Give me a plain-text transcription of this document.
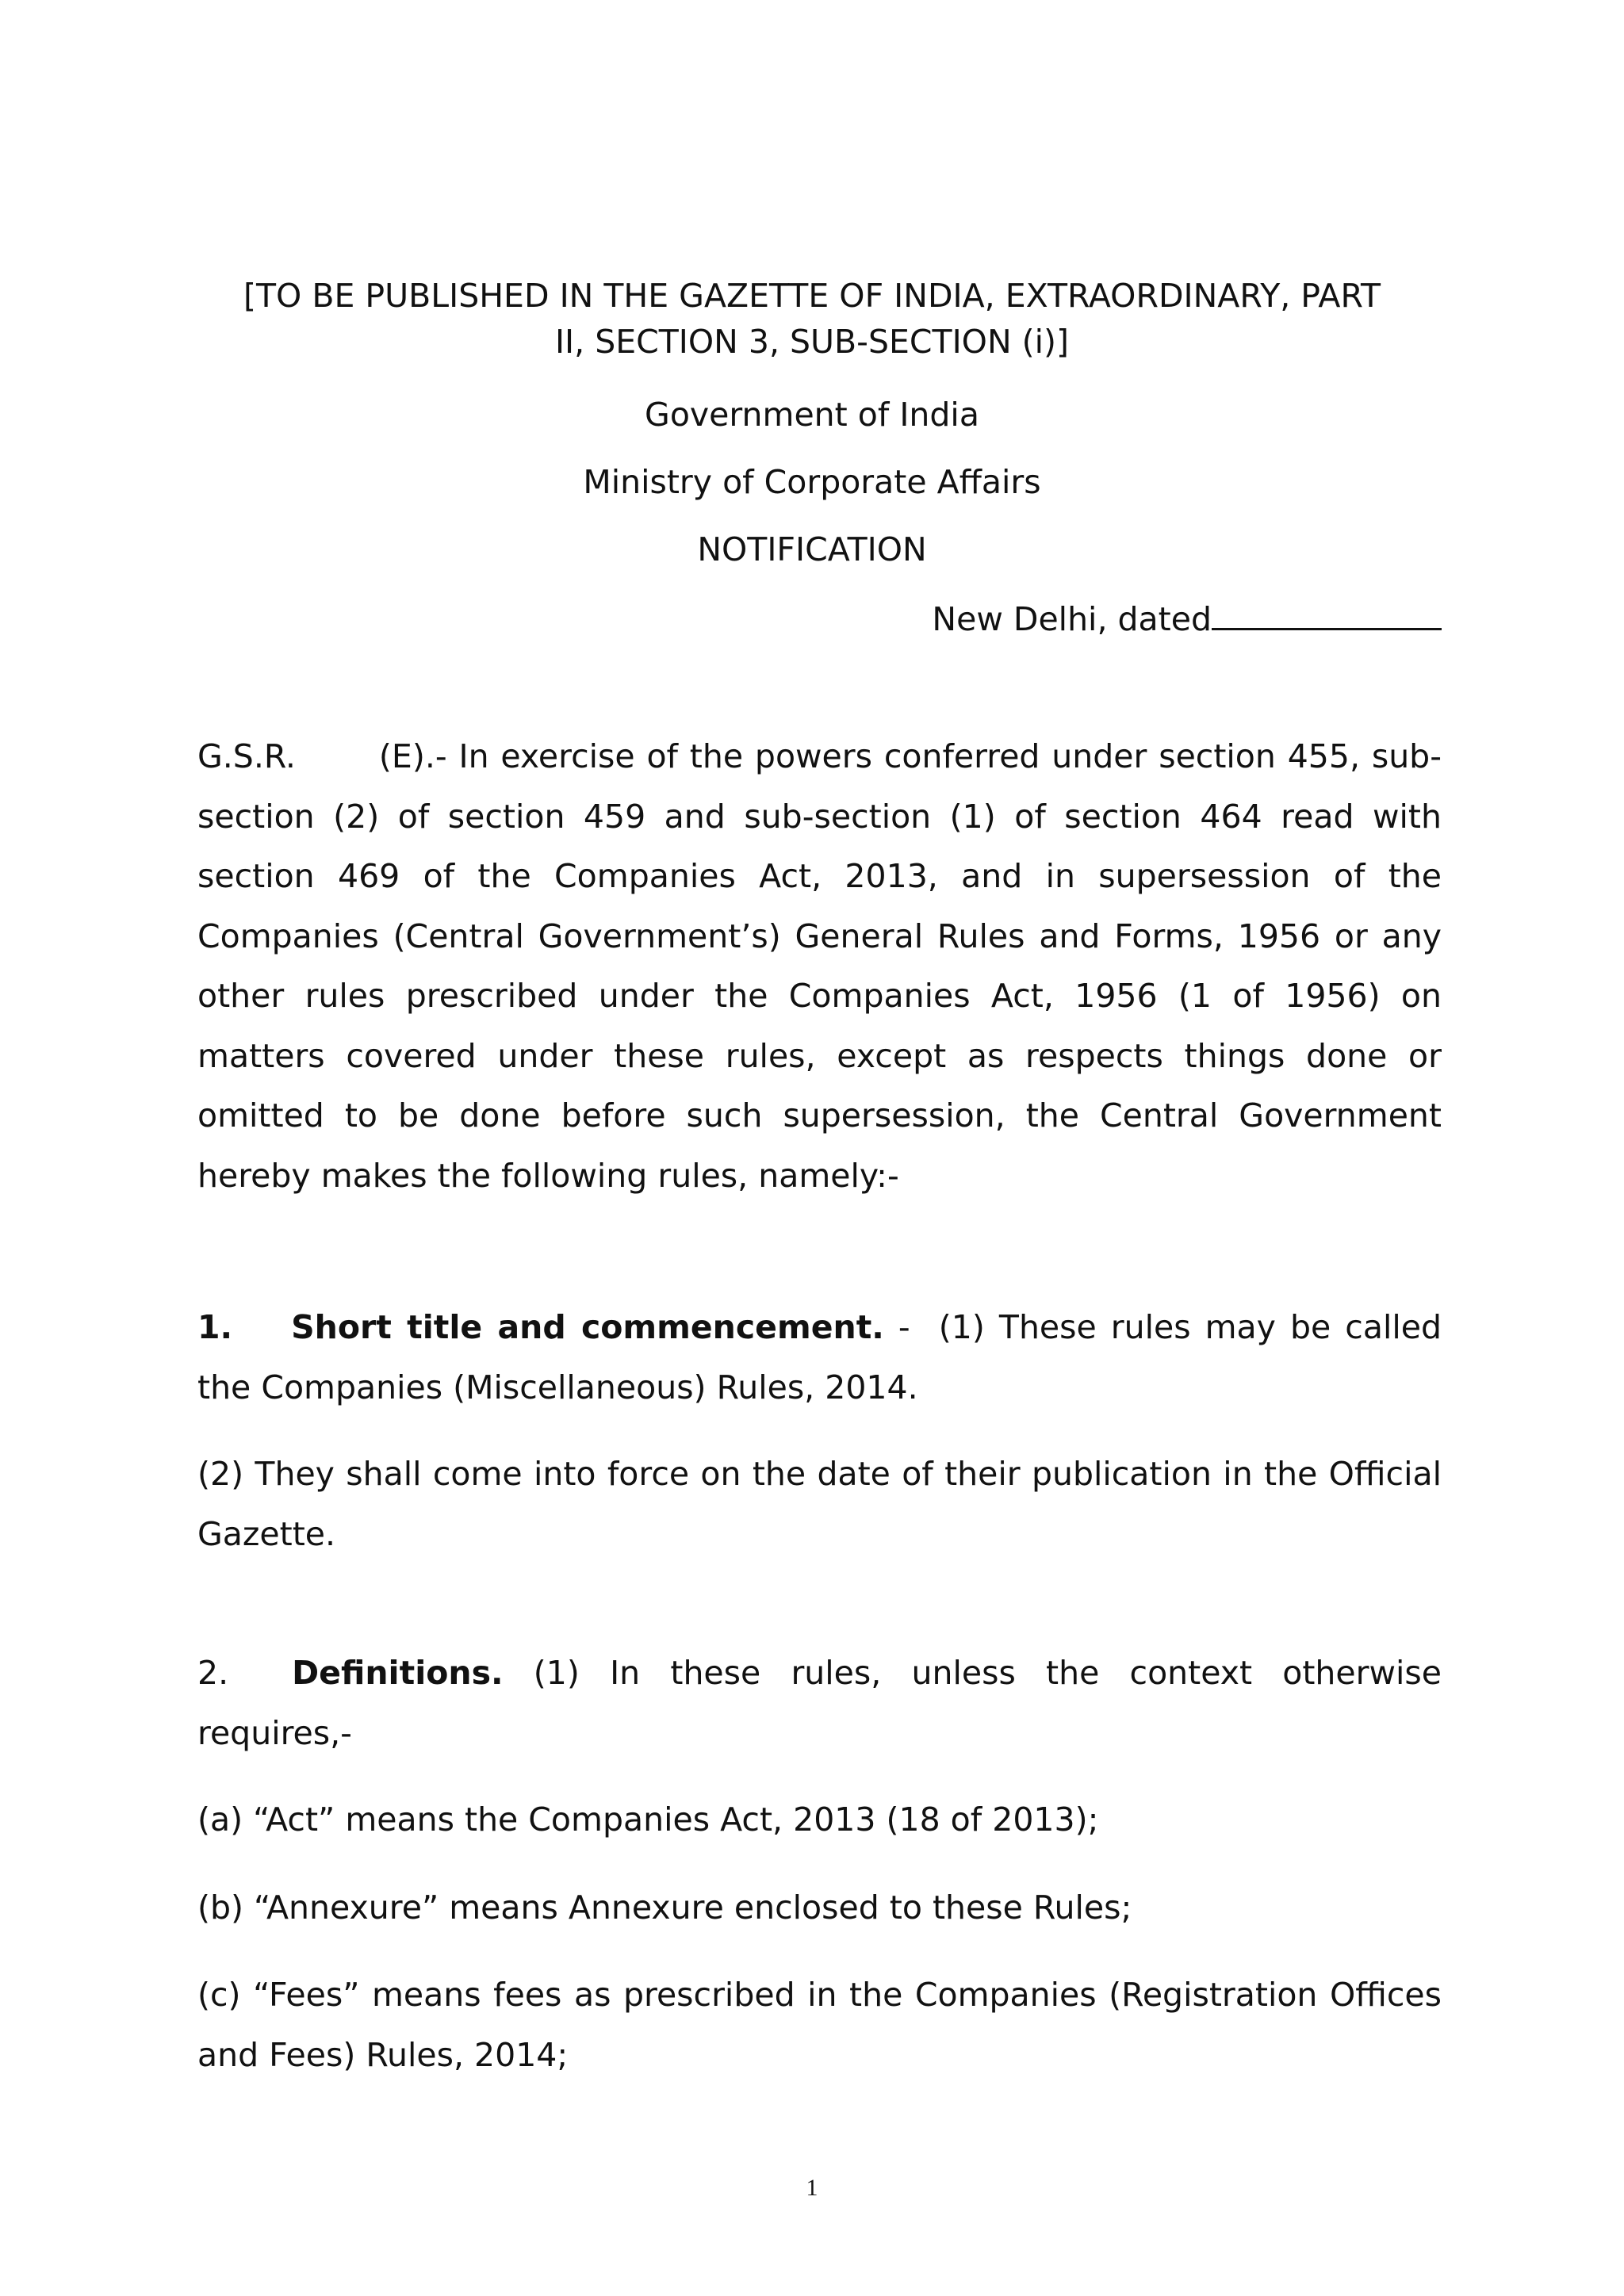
[TO BE PUBLISHED IN THE GAZETTE OF INDIA, EXTRAORDINARY, PART
II, SECTION 3, SUB-SECTION (i)]
Government of India
Ministry of Corporate Affairs
NOTIFICATION
New Delhi, dated

G.S.R.	(E).- In exercise of the powers conferred under section 455, sub-section (2) of section 459 and sub-section (1) of section 464 read with section 469 of the Companies Act, 2013, and in supersession of the Companies (Central Government’s) General Rules and Forms, 1956 or any other rules prescribed under the Companies Act, 1956 (1 of 1956) on matters covered under these rules, except as respects things done or omitted to be done before such supersession, the Central Government hereby makes the following rules, namely:-

1. Short title and commencement. -  (1) These rules may be called the Companies (Miscellaneous) Rules, 2014.

(2) They shall come into force on the date of their publication in the Official Gazette.

2. Definitions. (1) In these rules, unless the context otherwise requires,-

(a) “Act” means the Companies Act, 2013 (18 of 2013);

(b) “Annexure” means Annexure enclosed to these Rules;

(c) “Fees” means fees as prescribed in the Companies (Registration Offices and Fees) Rules, 2014;

1
